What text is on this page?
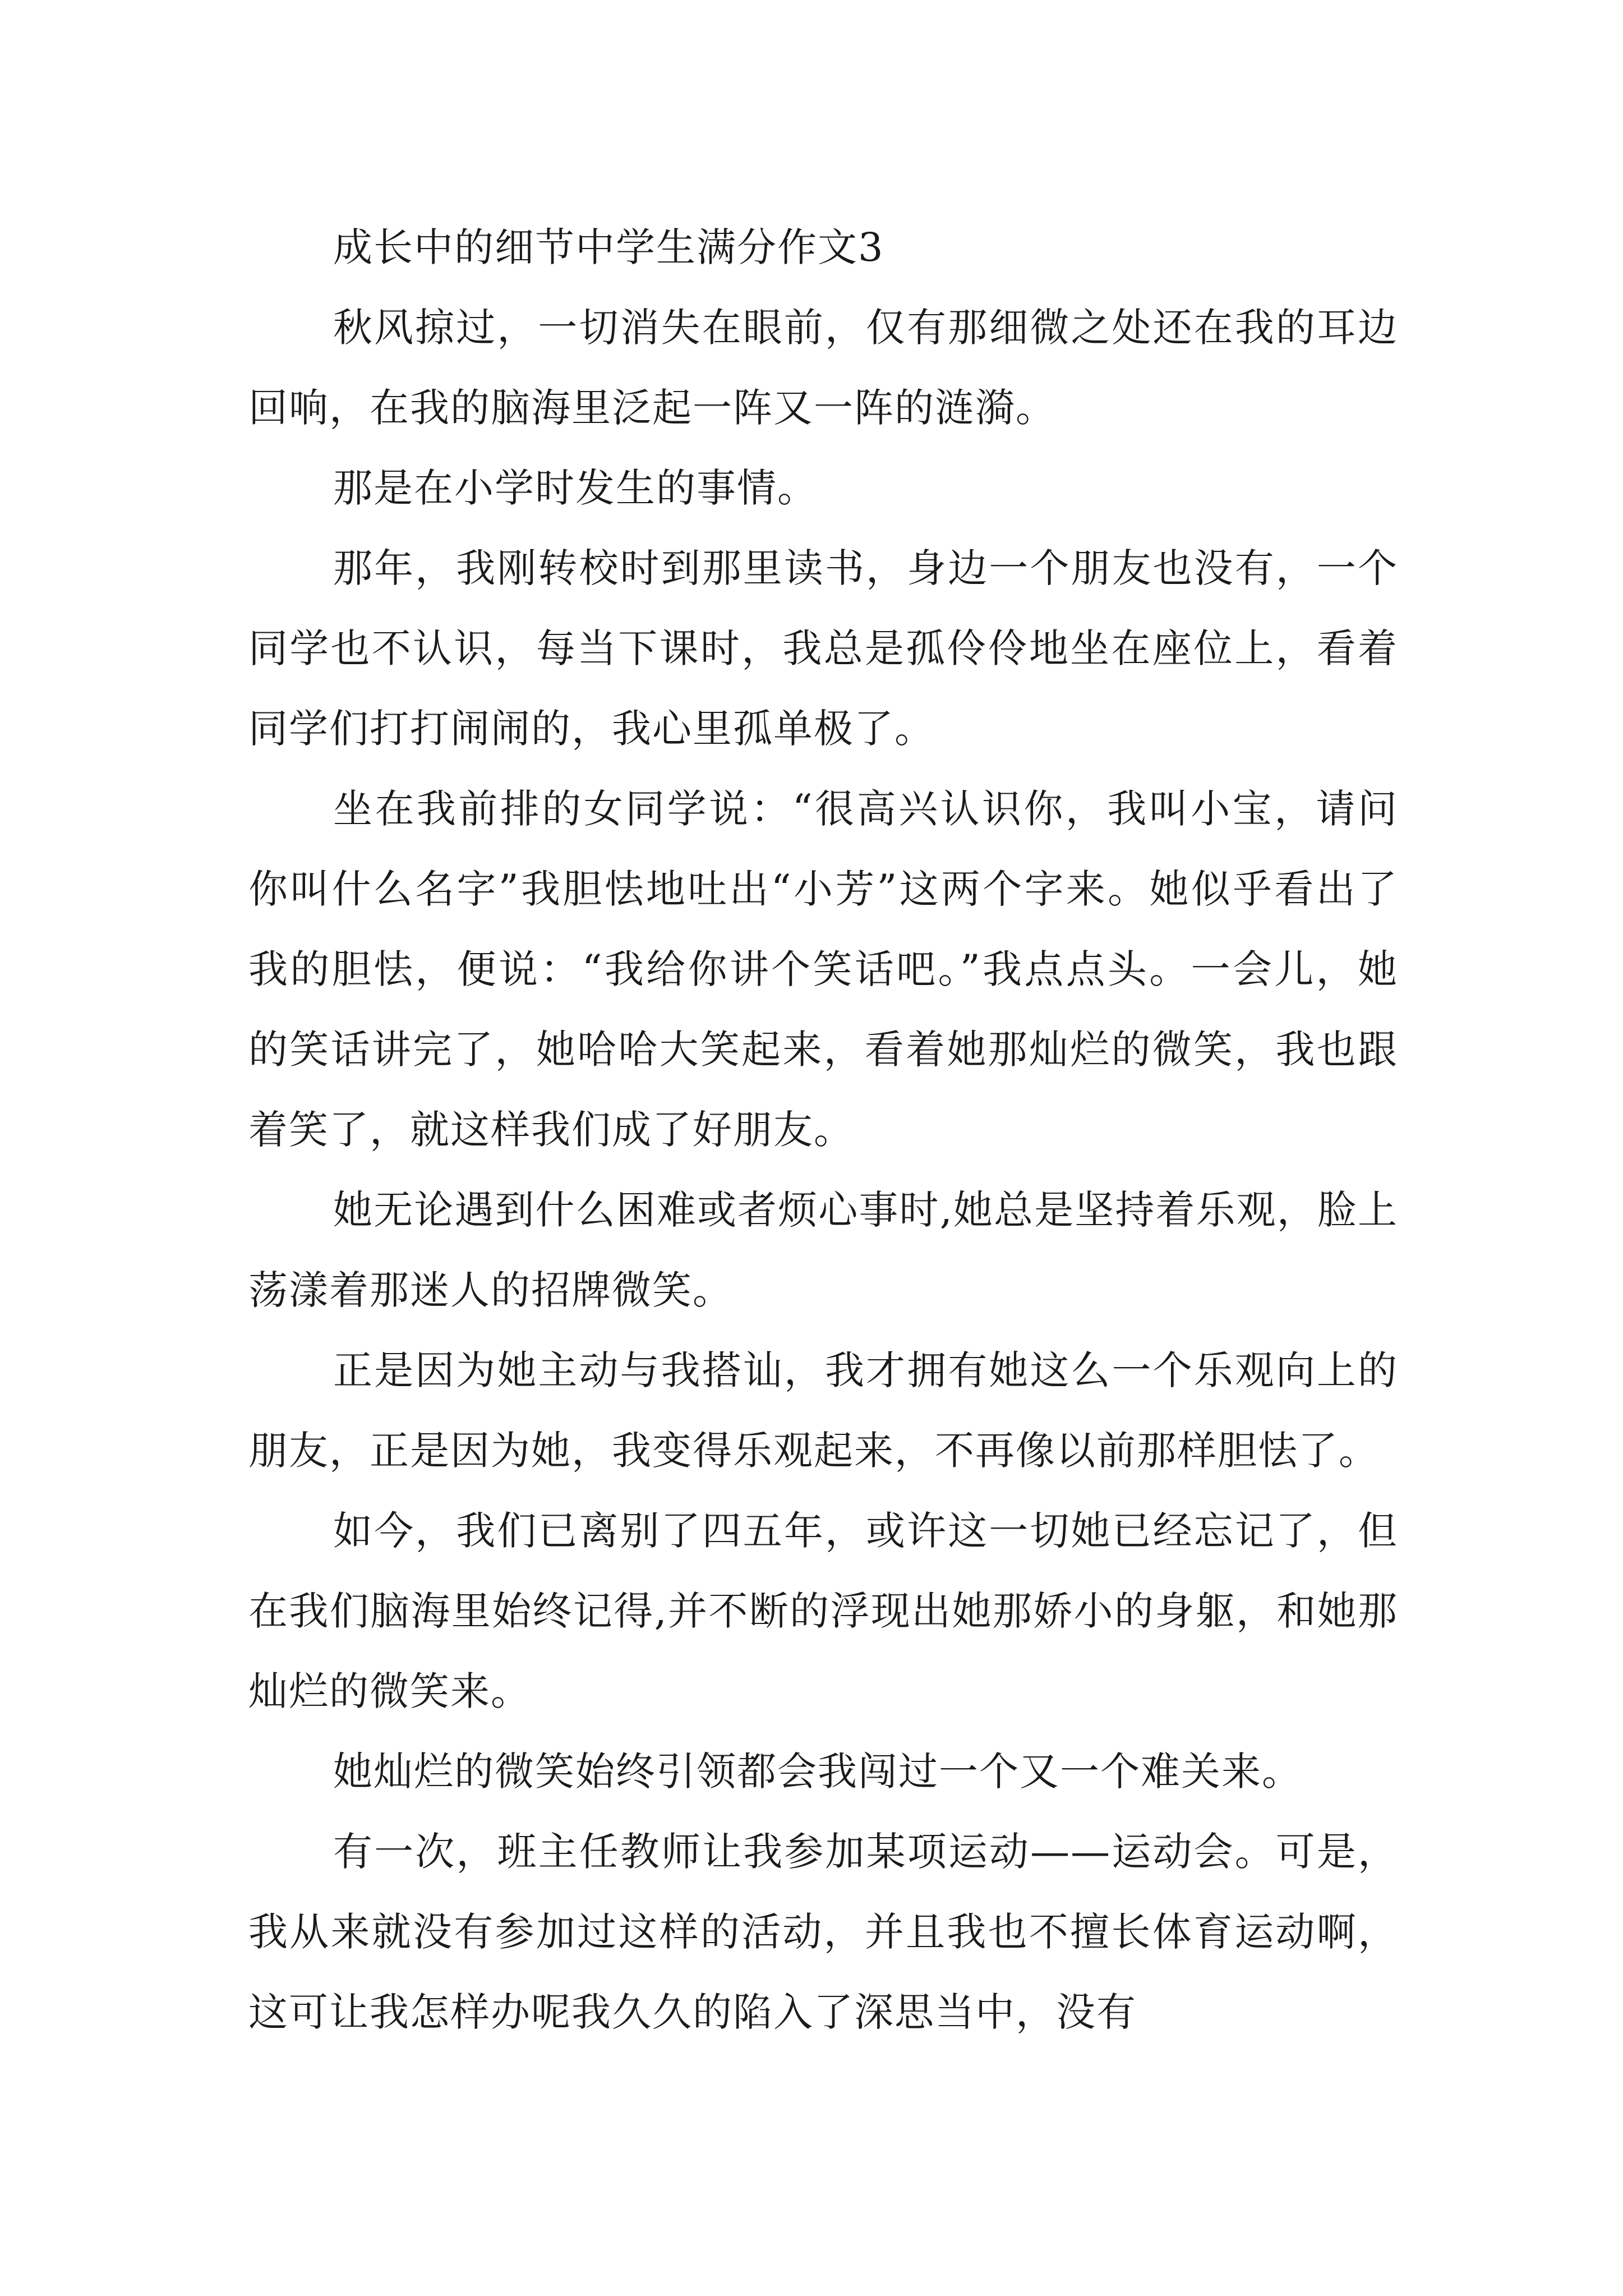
成长中的细节中学生满分作文3

秋风掠过，一切消失在眼前，仅有那细微之处还在我的耳边回响，在我的脑海里泛起一阵又一阵的涟漪。

那是在小学时发生的事情。

那年，我刚转校时到那里读书，身边一个朋友也没有，一个同学也不认识，每当下课时，我总是孤伶伶地坐在座位上，看着同学们打打闹闹的，我心里孤单极了。

坐在我前排的女同学说：“很高兴认识你，我叫小宝，请问你叫什么名字”我胆怯地吐出“小芳”这两个字来。她似乎看出了我的胆怯，便说：“我给你讲个笑话吧。”我点点头。一会儿，她的笑话讲完了，她哈哈大笑起来，看着她那灿烂的微笑，我也跟着笑了，就这样我们成了好朋友。

她无论遇到什么困难或者烦心事时,她总是坚持着乐观，脸上荡漾着那迷人的招牌微笑。

正是因为她主动与我搭讪，我才拥有她这么一个乐观向上的朋友，正是因为她，我变得乐观起来，不再像以前那样胆怯了。

如今，我们已离别了四五年，或许这一切她已经忘记了，但在我们脑海里始终记得,并不断的浮现出她那娇小的身躯，和她那灿烂的微笑来。

她灿烂的微笑始终引领都会我闯过一个又一个难关来。

有一次，班主任教师让我参加某项运动——运动会。可是，我从来就没有参加过这样的活动，并且我也不擅长体育运动啊，这可让我怎样办呢我久久的陷入了深思当中，没有
